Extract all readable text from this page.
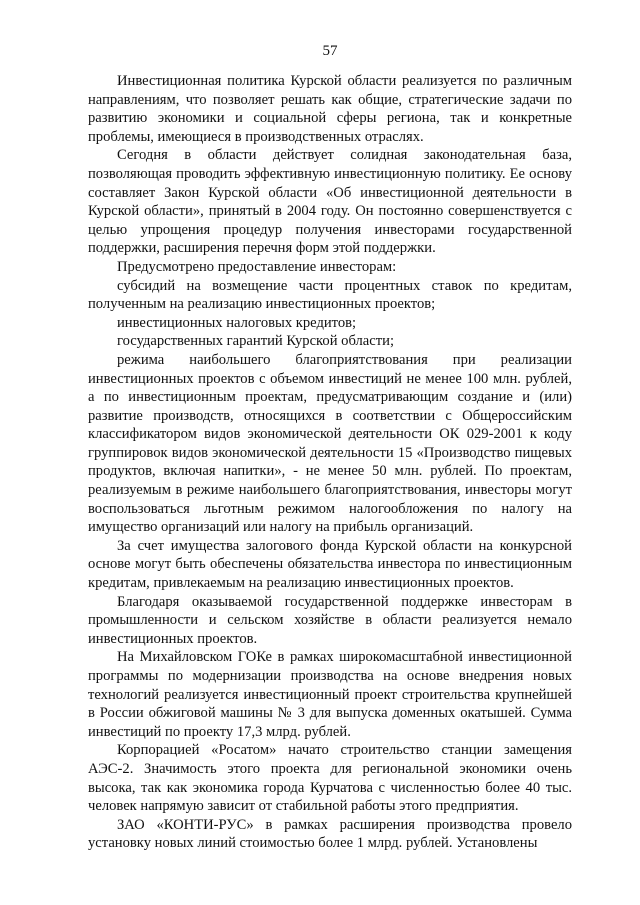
57

Инвестиционная политика Курской области реализуется по различным направлениям, что позволяет решать как общие, стратегические задачи по развитию экономики и социальной сферы региона, так и конкретные проблемы, имеющиеся в производственных отраслях.

Сегодня в области действует солидная законодательная база, позволяющая проводить эффективную инвестиционную политику. Ее основу составляет Закон Курской области «Об инвестиционной деятельности в Курской области», принятый в 2004 году. Он постоянно совершенствуется с целью упрощения процедур получения инвесторами государственной поддержки, расширения перечня форм этой поддержки.

Предусмотрено предоставление инвесторам:

субсидий на возмещение части процентных ставок по кредитам, полученным на реализацию инвестиционных проектов;

инвестиционных налоговых кредитов;

государственных гарантий Курской области;

режима наибольшего благоприятствования при реализации инвестиционных проектов с объемом инвестиций не менее 100 млн. рублей, а по инвестиционным проектам, предусматривающим создание и (или) развитие производств, относящихся в соответствии с Общероссийским классификатором видов экономической деятельности ОК 029-2001 к коду группировок видов экономической деятельности 15 «Производство пищевых продуктов, включая напитки», - не менее 50 млн. рублей. По проектам, реализуемым в режиме наибольшего благоприятствования, инвесторы могут воспользоваться льготным режимом налогообложения по налогу на имущество организаций или налогу на прибыль организаций.

За счет имущества залогового фонда Курской области на конкурсной основе могут быть обеспечены обязательства инвестора по инвестиционным кредитам, привлекаемым на реализацию инвестиционных проектов.

Благодаря оказываемой государственной поддержке инвесторам в промышленности и сельском хозяйстве в области реализуется немало инвестиционных проектов.

На Михайловском ГОКе в рамках широкомасштабной инвестиционной программы по модернизации производства на основе внедрения новых технологий реализуется инвестиционный проект строительства крупнейшей в России обжиговой машины № 3 для выпуска доменных окатышей. Сумма инвестиций по проекту 17,3 млрд. рублей.

Корпорацией «Росатом» начато строительство станции замещения АЭС-2. Значимость этого проекта для региональной экономики очень высока, так как экономика города Курчатова с численностью более 40 тыс. человек напрямую зависит от стабильной работы этого предприятия.

ЗАО «КОНТИ-РУС» в рамках расширения производства провело установку новых линий стоимостью более 1 млрд. рублей. Установлены
